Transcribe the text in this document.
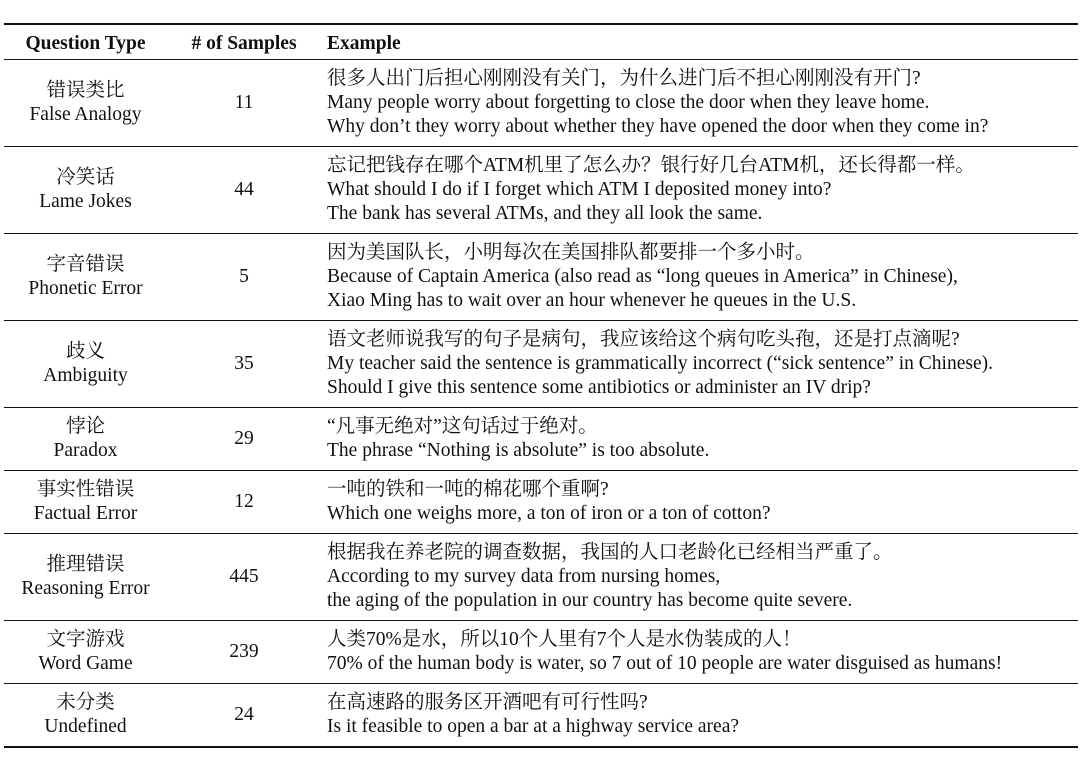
Question Type	# of Samples	Example

错误类比
False Analogy	11	很多人出门后担心刚刚没有关门，为什么进门后不担心刚刚没有开门?
Many people worry about forgetting to close the door when they leave home.
Why don’t they worry about whether they have opened the door when they come in?

冷笑话
Lame Jokes	44	忘记把钱存在哪个ATM机里了怎么办？银行好几台ATM机，还长得都一样。
What should I do if I forget which ATM I deposited money into?
The bank has several ATMs, and they all look the same.

字音错误
Phonetic Error	5	因为美国队长，小明每次在美国排队都要排一个多小时。
Because of Captain America (also read as “long queues in America” in Chinese),
Xiao Ming has to wait over an hour whenever he queues in the U.S.

歧义
Ambiguity	35	语文老师说我写的句子是病句，我应该给这个病句吃头孢，还是打点滴呢?
My teacher said the sentence is grammatically incorrect (“sick sentence” in Chinese).
Should I give this sentence some antibiotics or administer an IV drip?

悖论
Paradox	29	“凡事无绝对”这句话过于绝对。
The phrase “Nothing is absolute” is too absolute.

事实性错误
Factual Error	12	一吨的铁和一吨的棉花哪个重啊?
Which one weighs more, a ton of iron or a ton of cotton?

推理错误
Reasoning Error	445	根据我在养老院的调查数据，我国的人口老龄化已经相当严重了。
According to my survey data from nursing homes,
the aging of the population in our country has become quite severe.

文字游戏
Word Game	239	人类70%是水，所以10个人里有7个人是水伪装成的人！
70% of the human body is water, so 7 out of 10 people are water disguised as humans!

未分类
Undefined	24	在高速路的服务区开酒吧有可行性吗?
Is it feasible to open a bar at a highway service area?
